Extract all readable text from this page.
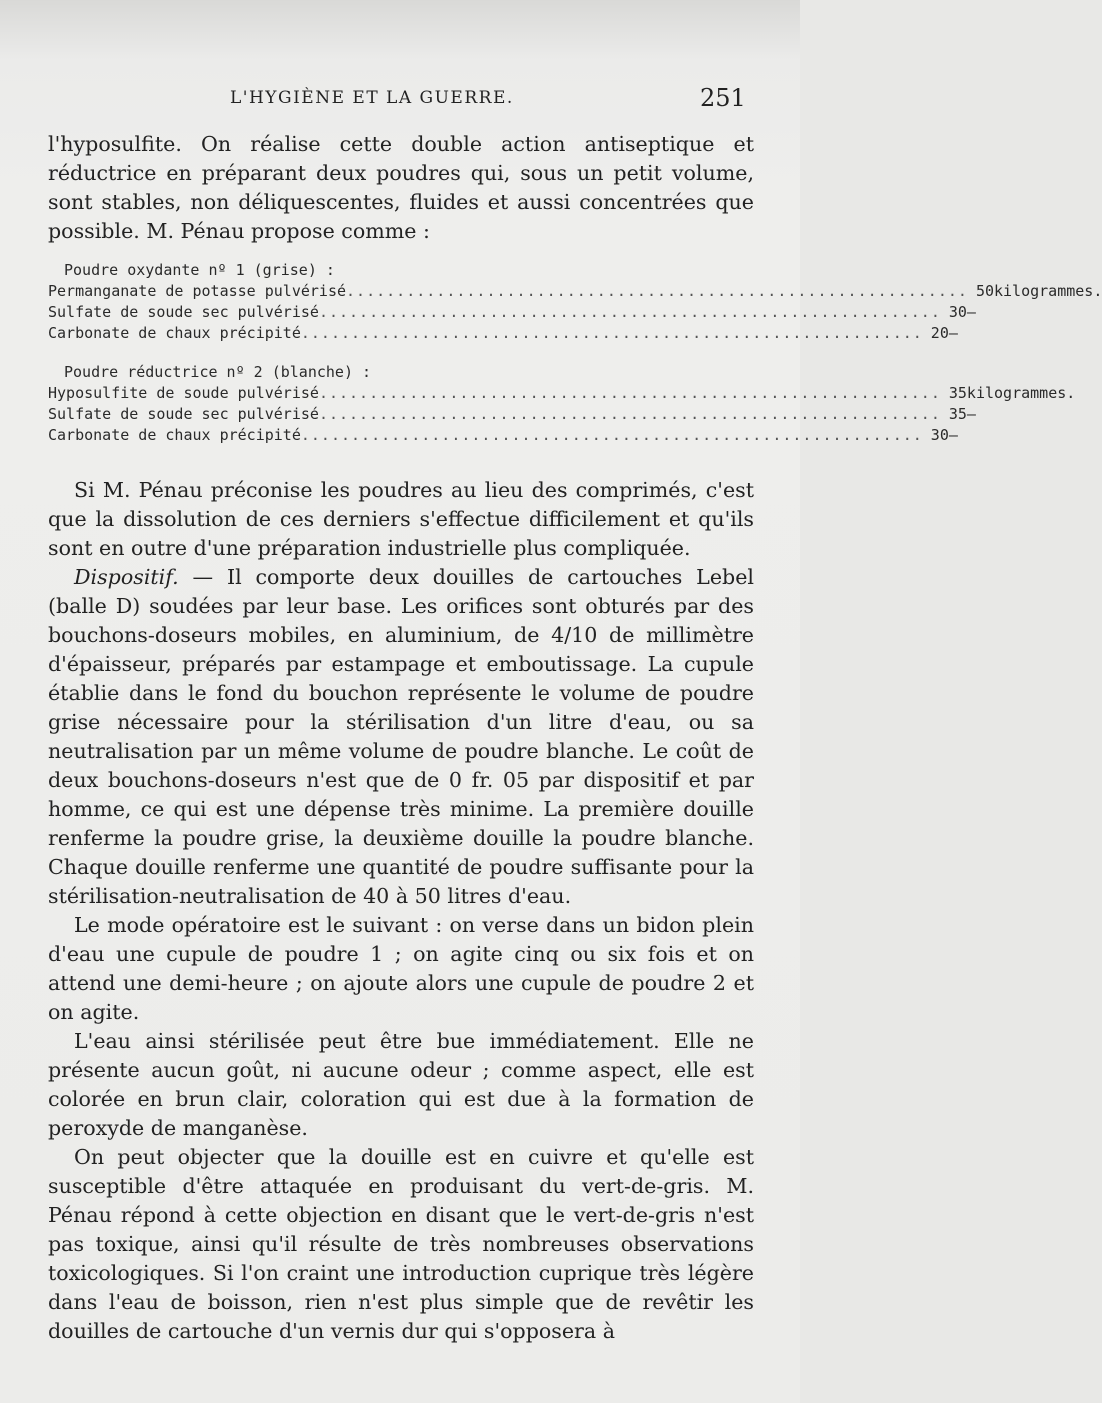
L'HYGIÈNE ET LA GUERRE.	251

l'hyposulfite. On réalise cette double action antiseptique et réductrice en préparant deux poudres qui, sous un petit volume, sont stables, non déliquescentes, fluides et aussi concentrées que possible. M. Pénau propose comme :

Poudre oxydante nº 1 (grise) :
Permanganate de potasse pulvérisé .............................................................. 50 kilogrammes.
Sulfate de soude sec pulvérisé .............................................................. 30 —
Carbonate de chaux précipité .............................................................. 20 —
Poudre réductrice nº 2 (blanche) :
Hyposulfite de soude pulvérisé .............................................................. 35 kilogrammes.
Sulfate de soude sec pulvérisé .............................................................. 35 —
Carbonate de chaux précipité .............................................................. 30 —

Si M. Pénau préconise les poudres au lieu des comprimés, c'est que la dissolution de ces derniers s'effectue difficilement et qu'ils sont en outre d'une préparation industrielle plus compliquée.

Dispositif. — Il comporte deux douilles de cartouches Lebel (balle D) soudées par leur base. Les orifices sont obturés par des bouchons-doseurs mobiles, en aluminium, de 4/10 de millimètre d'épaisseur, préparés par estampage et emboutissage. La cupule établie dans le fond du bouchon représente le volume de poudre grise nécessaire pour la stérilisation d'un litre d'eau, ou sa neutralisation par un même volume de poudre blanche. Le coût de deux bouchons-doseurs n'est que de 0 fr. 05 par dispositif et par homme, ce qui est une dépense très minime. La première douille renferme la poudre grise, la deuxième douille la poudre blanche. Chaque douille renferme une quantité de poudre suffisante pour la stérilisation-neutralisation de 40 à 50 litres d'eau.

Le mode opératoire est le suivant : on verse dans un bidon plein d'eau une cupule de poudre 1 ; on agite cinq ou six fois et on attend une demi-heure ; on ajoute alors une cupule de poudre 2 et on agite.

L'eau ainsi stérilisée peut être bue immédiatement. Elle ne présente aucun goût, ni aucune odeur ; comme aspect, elle est colorée en brun clair, coloration qui est due à la formation de peroxyde de manganèse.

On peut objecter que la douille est en cuivre et qu'elle est susceptible d'être attaquée en produisant du vert-de-gris. M. Pénau répond à cette objection en disant que le vert-de-gris n'est pas toxique, ainsi qu'il résulte de très nombreuses observations toxicologiques. Si l'on craint une introduction cuprique très légère dans l'eau de boisson, rien n'est plus simple que de revêtir les douilles de cartouche d'un vernis dur qui s'opposera à
